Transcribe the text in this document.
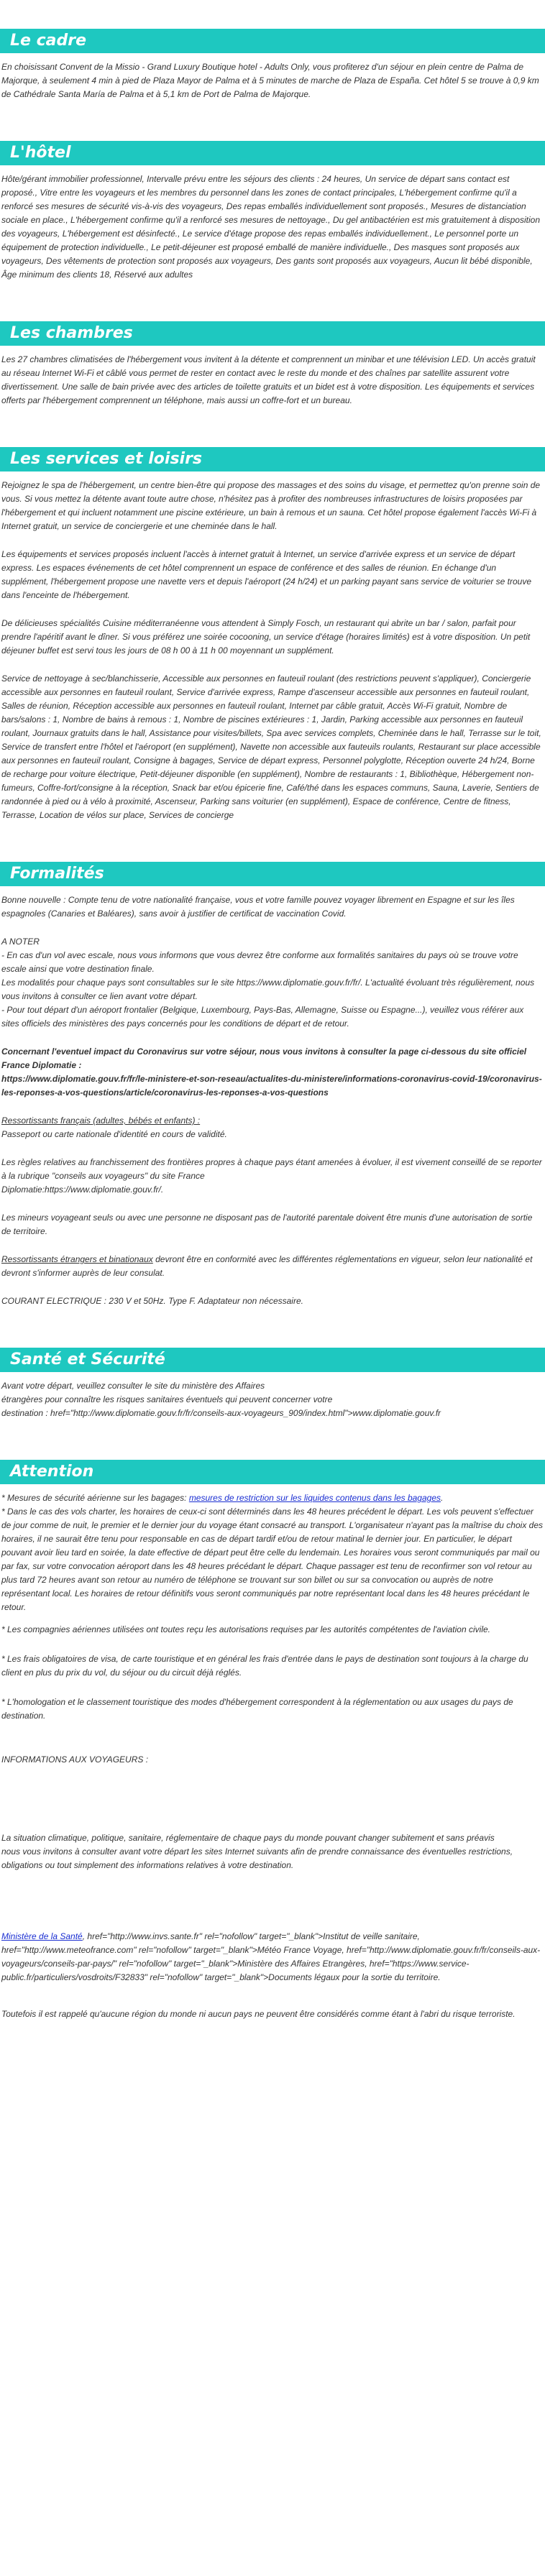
Le cadre

En choisissant Convent de la Missio - Grand Luxury Boutique hotel - Adults Only, vous profiterez d'un séjour en plein centre de Palma de Majorque, à seulement 4 min à pied de Plaza Mayor de Palma et à 5 minutes de marche de Plaza de España. Cet hôtel 5 se trouve à 0,9 km de Cathédrale Santa María de Palma et à 5,1 km de Port de Palma de Majorque.

L'hôtel

Hôte/gérant immobilier professionnel, Intervalle prévu entre les séjours des clients : 24 heures, Un service de départ sans contact est proposé., Vitre entre les voyageurs et les membres du personnel dans les zones de contact principales, L'hébergement confirme qu'il a renforcé ses mesures de sécurité vis-à-vis des voyageurs, Des repas emballés individuellement sont proposés., Mesures de distanciation sociale en place., L'hébergement confirme qu'il a renforcé ses mesures de nettoyage., Du gel antibactérien est mis gratuitement à disposition des voyageurs, L'hébergement est désinfecté., Le service d'étage propose des repas emballés individuellement., Le personnel porte un équipement de protection individuelle., Le petit-déjeuner est proposé emballé de manière individuelle., Des masques sont proposés aux voyageurs, Des vêtements de protection sont proposés aux voyageurs, Des gants sont proposés aux voyageurs, Aucun lit bébé disponible, Âge minimum des clients 18, Réservé aux adultes

Les chambres

Les 27 chambres climatisées de l'hébergement vous invitent à la détente et comprennent un minibar et une télévision LED. Un accès gratuit au réseau Internet Wi-Fi et câblé vous permet de rester en contact avec le reste du monde et des chaînes par satellite assurent votre divertissement. Une salle de bain privée avec des articles de toilette gratuits et un bidet est à votre disposition. Les équipements et services offerts par l'hébergement comprennent un téléphone, mais aussi un coffre-fort et un bureau.

Les services et loisirs

Rejoignez le spa de l'hébergement, un centre bien-être qui propose des massages et des soins du visage, et permettez qu'on prenne soin de vous. Si vous mettez la détente avant toute autre chose, n'hésitez pas à profiter des nombreuses infrastructures de loisirs proposées par l'hébergement et qui incluent notamment une piscine extérieure, un bain à remous et un sauna. Cet hôtel propose également l'accès Wi-Fi à Internet gratuit, un service de conciergerie et une cheminée dans le hall.

Les équipements et services proposés incluent l'accès à internet gratuit à Internet, un service d'arrivée express et un service de départ express. Les espaces événements de cet hôtel comprennent un espace de conférence et des salles de réunion. En échange d'un supplément, l'hébergement propose une navette vers et depuis l'aéroport (24 h/24) et un parking payant sans service de voiturier se trouve dans l'enceinte de l'hébergement.

De délicieuses spécialités Cuisine méditerranéenne vous attendent à Simply Fosch, un restaurant qui abrite un bar / salon, parfait pour prendre l'apéritif avant le dîner. Si vous préférez une soirée cocooning, un service d'étage (horaires limités) est à votre disposition. Un petit déjeuner buffet est servi tous les jours de 08 h 00 à 11 h 00 moyennant un supplément.

Service de nettoyage à sec/blanchisserie, Accessible aux personnes en fauteuil roulant (des restrictions peuvent s'appliquer), Conciergerie accessible aux personnes en fauteuil roulant, Service d'arrivée express, Rampe d'ascenseur accessible aux personnes en fauteuil roulant, Salles de réunion, Réception accessible aux personnes en fauteuil roulant, Internet par câble gratuit, Accès Wi-Fi gratuit, Nombre de bars/salons : 1, Nombre de bains à remous : 1, Nombre de piscines extérieures : 1, Jardin, Parking accessible aux personnes en fauteuil roulant, Journaux gratuits dans le hall, Assistance pour visites/billets, Spa avec services complets, Cheminée dans le hall, Terrasse sur le toit, Service de transfert entre l'hôtel et l'aéroport (en supplément), Navette non accessible aux fauteuils roulants, Restaurant sur place accessible aux personnes en fauteuil roulant, Consigne à bagages, Service de départ express, Personnel polyglotte, Réception ouverte 24 h/24, Borne de recharge pour voiture électrique, Petit-déjeuner disponible (en supplément), Nombre de restaurants : 1, Bibliothèque, Hébergement non-fumeurs, Coffre-fort/consigne à la réception, Snack bar et/ou épicerie fine, Café/thé dans les espaces communs, Sauna, Laverie, Sentiers de randonnée à pied ou à vélo à proximité, Ascenseur, Parking sans voiturier (en supplément), Espace de conférence, Centre de fitness, Terrasse, Location de vélos sur place, Services de concierge

Formalités

Bonne nouvelle : Compte tenu de votre nationalité française, vous et votre famille pouvez voyager librement en Espagne et sur les îles espagnoles (Canaries et Baléares), sans avoir à justifier de certificat de vaccination Covid.

A NOTER
- En cas d'un vol avec escale, nous vous informons que vous devrez être conforme aux formalités sanitaires du pays où se trouve votre escale ainsi que votre destination finale.
Les modalités pour chaque pays sont consultables sur le site https://www.diplomatie.gouv.fr/fr/. L'actualité évoluant très régulièrement, nous vous invitons à consulter ce lien avant votre départ.
- Pour tout départ d'un aéroport frontalier (Belgique, Luxembourg, Pays-Bas, Allemagne, Suisse ou Espagne...), veuillez vous référer aux sites officiels des ministères des pays concernés pour les conditions de départ et de retour.

Concernant l'eventuel impact du Coronavirus sur votre séjour, nous vous invitons à consulter la page ci-dessous du site officiel France Diplomatie :
https://www.diplomatie.gouv.fr/fr/le-ministere-et-son-reseau/actualites-du-ministere/informations-coronavirus-covid-19/coronavirus-les-reponses-a-vos-questions/article/coronavirus-les-reponses-a-vos-questions

Ressortissants français (adultes, bébés et enfants) :
Passeport ou carte nationale d'identité en cours de validité.

Les règles relatives au franchissement des frontières propres à chaque pays étant amenées à évoluer, il est vivement conseillé de se reporter à la rubrique "conseils aux voyageurs" du site France
Diplomatie:https://www.diplomatie.gouv.fr/.

Les mineurs voyageant seuls ou avec une personne ne disposant pas de l'autorité parentale doivent être munis d'une autorisation de sortie de territoire.

Ressortissants étrangers et binationaux devront être en conformité avec les différentes réglementations en vigueur, selon leur nationalité et devront s'informer auprès de leur consulat.

COURANT ELECTRIQUE : 230 V et 50Hz. Type F. Adaptateur non nécessaire.

Santé et Sécurité

Avant votre départ, veuillez consulter le site du ministère des Affaires
étrangères pour connaître les risques sanitaires éventuels qui peuvent concerner votre
destination : href="http://www.diplomatie.gouv.fr/fr/conseils-aux-voyageurs_909/index.html">www.diplomatie.gouv.fr

Attention

* Mesures de sécurité aérienne sur les bagages: mesures de restriction sur les liquides contenus dans les bagages.

* Dans le cas des vols charter, les horaires de ceux-ci sont déterminés dans les 48 heures précédent le départ. Les vols peuvent s'effectuer de jour comme de nuit, le premier et le dernier jour du voyage étant consacré au transport. L'organisateur n'ayant pas la maîtrise du choix des horaires, il ne saurait être tenu pour responsable en cas de départ tardif et/ou de retour matinal le dernier jour. En particulier, le départ pouvant avoir lieu tard en soirée, la date effective de départ peut être celle du lendemain. Les horaires vous seront communiqués par mail ou par fax, sur votre convocation aéroport dans les 48 heures précédant le départ. Chaque passager est tenu de reconfirmer son vol retour au plus tard 72 heures avant son retour au numéro de téléphone se trouvant sur son billet ou sur sa convocation ou auprès de notre représentant local. Les horaires de retour définitifs vous seront communiqués par notre représentant local dans les 48 heures précédant le retour.

* Les compagnies aériennes utilisées ont toutes reçu les autorisations requises par les autorités compétentes de l'aviation civile.

* Les frais obligatoires de visa, de carte touristique et en général les frais d'entrée dans le pays de destination sont toujours à la charge du client en plus du prix du vol, du séjour ou du circuit déjà réglés.

* L'homologation et le classement touristique des modes d'hébergement correspondent à la réglementation ou aux usages du pays de destination.

INFORMATIONS AUX VOYAGEURS :

La situation climatique, politique, sanitaire, réglementaire de chaque pays du monde pouvant changer subitement et sans préavis
nous vous invitons à consulter avant votre départ les sites Internet suivants afin de prendre connaissance des éventuelles restrictions, obligations ou tout simplement des informations relatives à votre destination.

Ministère de la Santé, href="http://www.invs.sante.fr" rel="nofollow" target="_blank">Institut de veille sanitaire, href="http://www.meteofrance.com" rel="nofollow" target="_blank">Météo France Voyage, href="http://www.diplomatie.gouv.fr/fr/conseils-aux-voyageurs/conseils-par-pays/" rel="nofollow" target="_blank">Ministère des Affaires Etrangères, href="https://www.service-public.fr/particuliers/vosdroits/F32833" rel="nofollow" target="_blank">Documents légaux pour la sortie du territoire.

Toutefois il est rappelé qu'aucune région du monde ni aucun pays ne peuvent être considérés comme étant à l'abri du risque terroriste.
